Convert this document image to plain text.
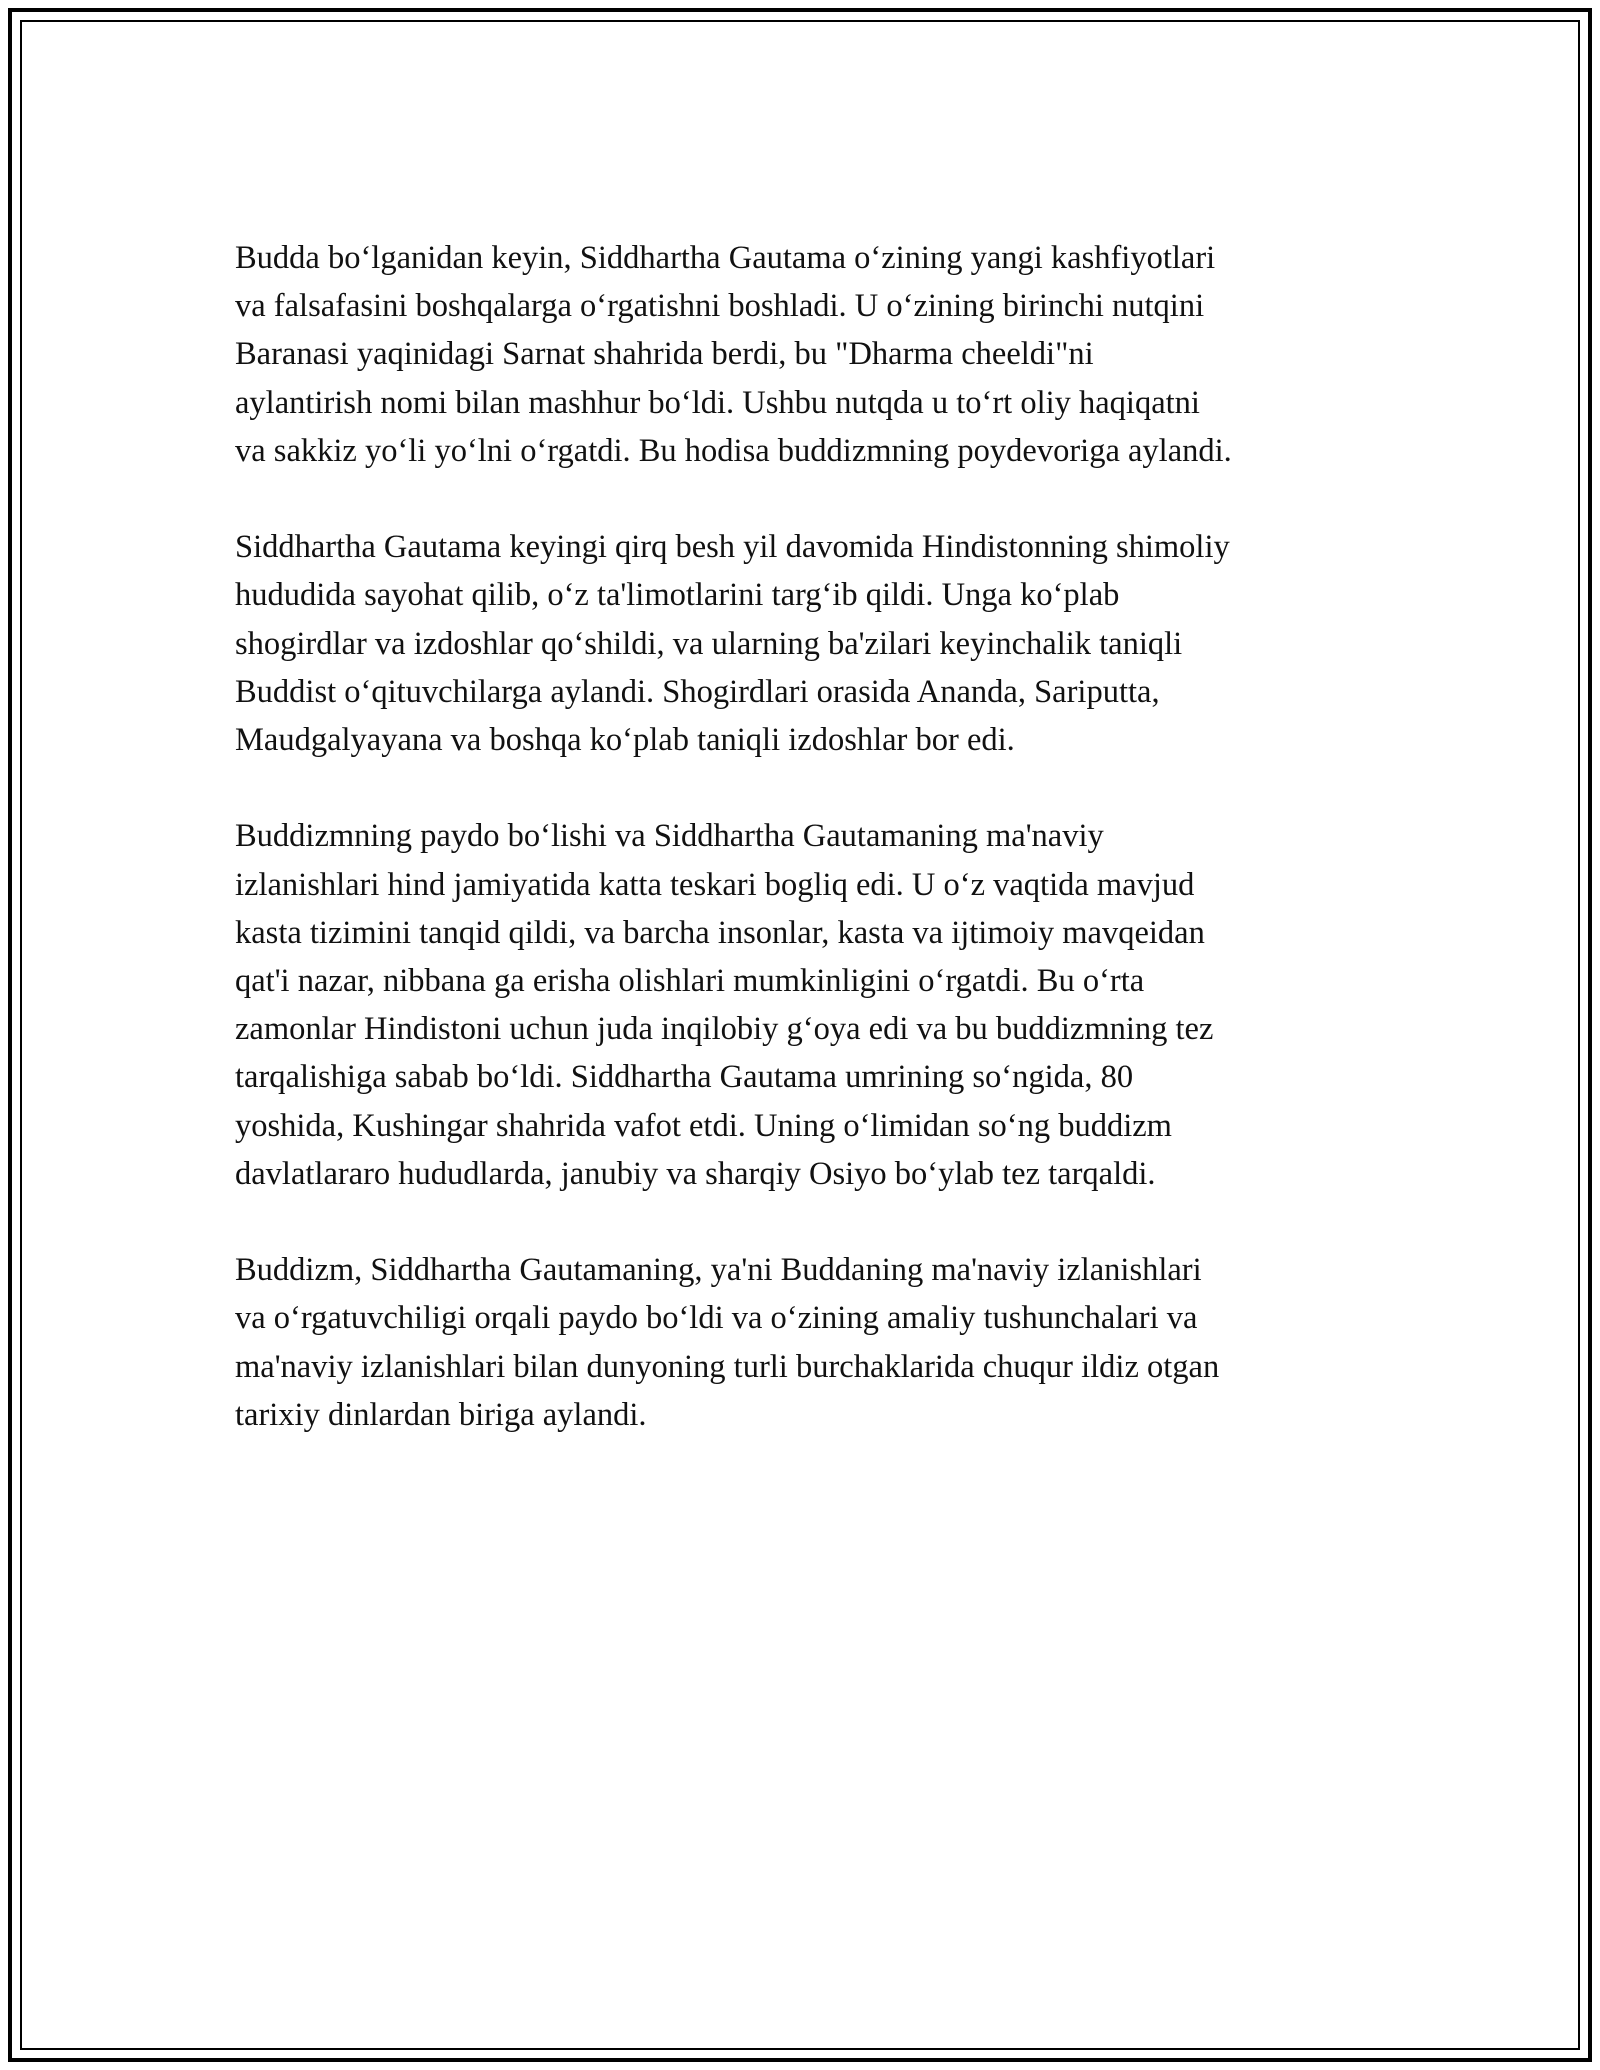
Budda bo‘lganidan keyin, Siddhartha Gautama o‘zining yangi kashfiyotlari
va falsafasini boshqalarga o‘rgatishni boshladi. U o‘zining birinchi nutqini
Baranasi yaqinidagi Sarnat shahrida berdi, bu "Dharma cheeldi"ni
aylantirish nomi bilan mashhur bo‘ldi. Ushbu nutqda u to‘rt oliy haqiqatni
va sakkiz yo‘li yo‘lni o‘rgatdi. Bu hodisa buddizmning poydevoriga aylandi.

Siddhartha Gautama keyingi qirq besh yil davomida Hindistonning shimoliy
hududida sayohat qilib, o‘z ta'limotlarini targ‘ib qildi. Unga ko‘plab
shogirdlar va izdoshlar qo‘shildi, va ularning ba'zilari keyinchalik taniqli
Buddist o‘qituvchilarga aylandi. Shogirdlari orasida Ananda, Sariputta,
Maudgalyayana va boshqa ko‘plab taniqli izdoshlar bor edi.

Buddizmning paydo bo‘lishi va Siddhartha Gautamaning ma'naviy
izlanishlari hind jamiyatida katta teskari bogliq edi. U o‘z vaqtida mavjud
kasta tizimini tanqid qildi, va barcha insonlar, kasta va ijtimoiy mavqeidan
qat'i nazar, nibbana ga erisha olishlari mumkinligini o‘rgatdi. Bu o‘rta
zamonlar Hindistoni uchun juda inqilobiy g‘oya edi va bu buddizmning tez
tarqalishiga sabab bo‘ldi. Siddhartha Gautama umrining so‘ngida, 80
yoshida, Kushingar shahrida vafot etdi. Uning o‘limidan so‘ng buddizm
davlatlararo hududlarda, janubiy va sharqiy Osiyo bo‘ylab tez tarqaldi.

Buddizm, Siddhartha Gautamaning, ya'ni Buddaning ma'naviy izlanishlari
va o‘rgatuvchiligi orqali paydo bo‘ldi va o‘zining amaliy tushunchalari va
ma'naviy izlanishlari bilan dunyoning turli burchaklarida chuqur ildiz otgan
tarixiy dinlardan biriga aylandi.
